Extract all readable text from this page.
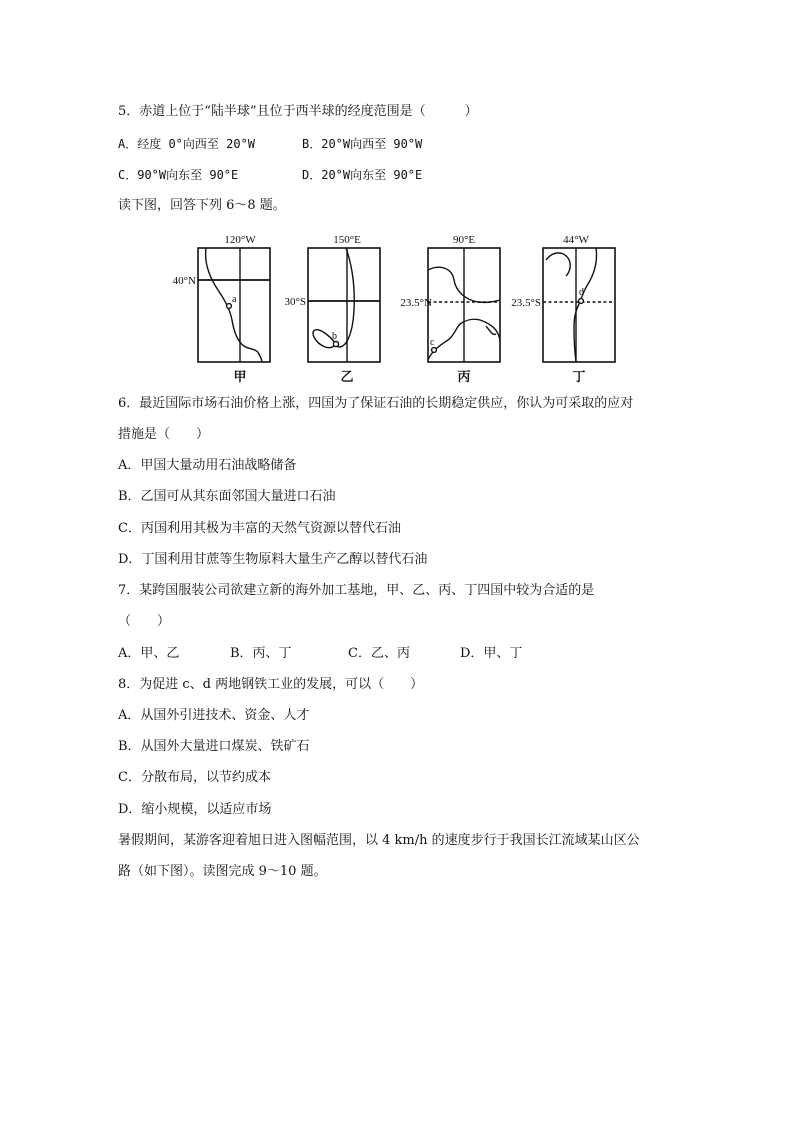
5．赤道上位于“陆半球”且位于西半球的经度范围是（　　　）
A．经度 0°向西至 20°W	B．20°W向西至 90°W
C．90°W向东至 90°E	D．20°W向东至 90°E
读下图，回答下列 6～8 题。
120°W
40°N
a
150°E
30°S
b
90°E
23.5°N
c
44°W
23.5°S
d
甲	乙	丙	丁
6．最近国际市场石油价格上涨，四国为了保证石油的长期稳定供应，你认为可采取的应对
措施是（　　）
A．甲国大量动用石油战略储备
B．乙国可从其东面邻国大量进口石油
C．丙国利用其极为丰富的天然气资源以替代石油
D．丁国利用甘蔗等生物原料大量生产乙醇以替代石油
7．某跨国服装公司欲建立新的海外加工基地，甲、乙、丙、丁四国中较为合适的是
（　　）
A．甲、乙	B．丙、丁	C．乙、丙	D．甲、丁
8．为促进 c、d 两地钢铁工业的发展，可以（　　）
A．从国外引进技术、资金、人才
B．从国外大量进口煤炭、铁矿石
C．分散布局，以节约成本
D．缩小规模，以适应市场
暑假期间，某游客迎着旭日进入图幅范围，以 4 km/h 的速度步行于我国长江流域某山区公
路（如下图）。读图完成 9～10 题。
